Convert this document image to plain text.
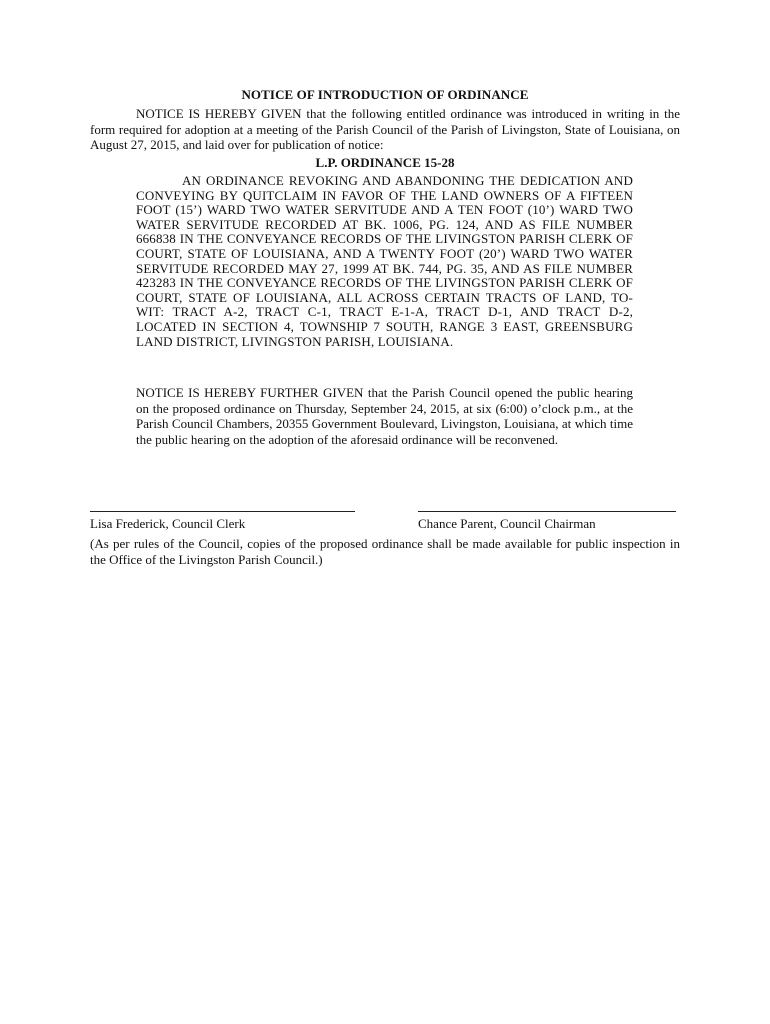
NOTICE OF INTRODUCTION OF ORDINANCE
NOTICE IS HEREBY GIVEN that the following entitled ordinance was introduced in writing in the form required for adoption at a meeting of the Parish Council of the Parish of Livingston, State of Louisiana, on August 27, 2015, and laid over for publication of notice:
L.P. ORDINANCE 15-28
AN ORDINANCE REVOKING AND ABANDONING THE DEDICATION AND CONVEYING BY QUITCLAIM IN FAVOR OF THE LAND OWNERS OF A FIFTEEN FOOT (15’) WARD TWO WATER SERVITUDE AND A TEN FOOT (10’) WARD TWO WATER SERVITUDE RECORDED AT BK. 1006, PG. 124, AND AS FILE NUMBER 666838 IN THE CONVEYANCE RECORDS OF THE LIVINGSTON PARISH CLERK OF COURT, STATE OF LOUISIANA, AND A TWENTY FOOT (20’) WARD TWO WATER SERVITUDE RECORDED MAY 27, 1999 AT BK. 744, PG. 35, AND AS FILE NUMBER 423283 IN THE CONVEYANCE RECORDS OF THE LIVINGSTON PARISH CLERK OF COURT, STATE OF LOUISIANA, ALL ACROSS CERTAIN TRACTS OF LAND, TO-WIT: TRACT A-2, TRACT C-1, TRACT E-1-A, TRACT D-1, AND TRACT D-2, LOCATED IN SECTION 4, TOWNSHIP 7 SOUTH, RANGE 3 EAST, GREENSBURG LAND DISTRICT, LIVINGSTON PARISH, LOUISIANA.
NOTICE IS HEREBY FURTHER GIVEN that the Parish Council opened the public hearing on the proposed ordinance on Thursday, September 24, 2015, at six (6:00) o’clock p.m., at the Parish Council Chambers, 20355 Government Boulevard, Livingston, Louisiana, at which time the public hearing on the adoption of the aforesaid ordinance will be reconvened.
Lisa Frederick, Council Clerk	Chance Parent, Council Chairman
(As per rules of the Council, copies of the proposed ordinance shall be made available for public inspection in the Office of the Livingston Parish Council.)
